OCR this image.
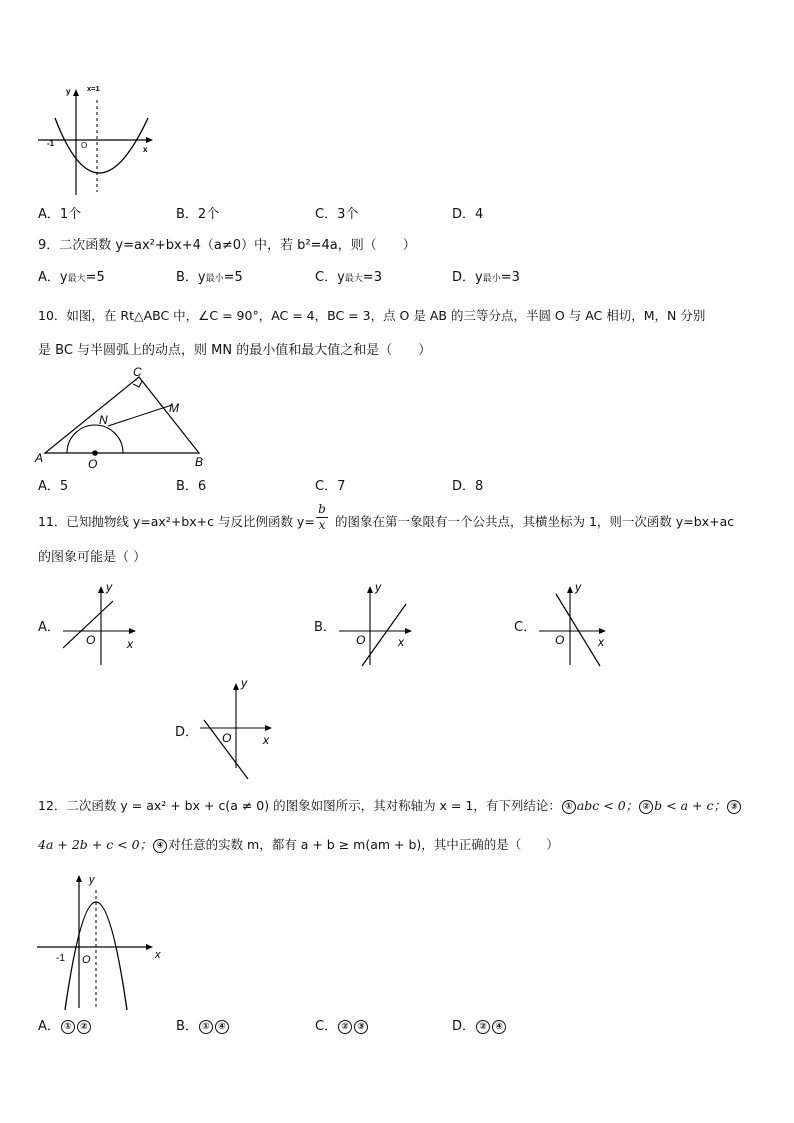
y x=1
-1	O	x
A．1个	B．2个	C．3个	D．4
9．二次函数 y=ax²+bx+4（a≠0）中，若 b²=4a，则（　　）
A．y最大=5	B．y最小=5	C．y最大=3	D．y最小=3
10．如图，在 Rt△ABC 中，∠C = 90°，AC = 4，BC = 3，点 O 是 AB 的三等分点，半圆 O 与 AC 相切，M，N 分别
是 BC 与半圆弧上的动点，则 MN 的最小值和最大值之和是（　　）
A	B
C
O
N
M
A．5	B．6	C．7	D．8
11．已知抛物线 y=ax²+bx+c 与反比例函数 $y= \frac{b}{x}$ 的图象在第一象限有一个公共点，其横坐标为 1，则一次函数 y=bx+ac
的图象可能是（ ）
A．
y
O	x
B．
y
O	x
C．
y
O	x
D．
y
O	x
12．二次函数 y = ax² + bx + c(a ≠ 0) 的图象如图所示，其对称轴为 x = 1，有下列结论： ① abc < 0； ② b < a + c； ③
4a + 2b + c < 0； ④ 对任意的实数 m，都有 a + b ≥ m(am + b)，其中正确的是（　　）
y
-1 O	x
A． ① ②	B． ① ④	C． ② ③	D． ② ④
